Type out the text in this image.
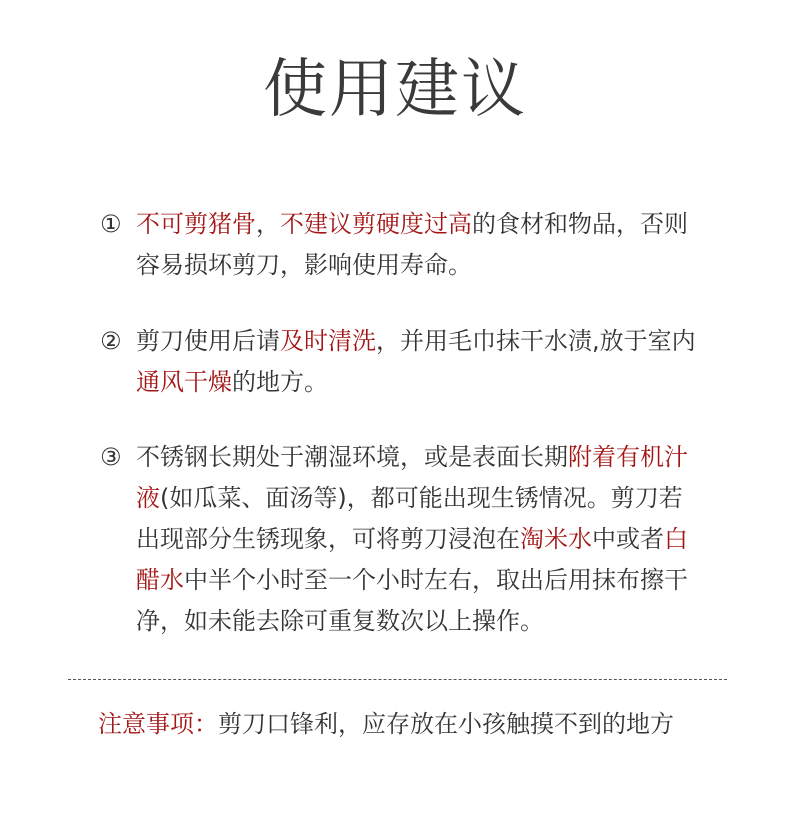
使用建议
① 不可剪猪骨，不建议剪硬度过高的食材和物品，否则容易损坏剪刀，影响使用寿命。
② 剪刀使用后请及时清洗，并用毛巾抹干水渍,放于室内通风干燥的地方。
③ 不锈钢长期处于潮湿环境，或是表面长期附着有机汁液(如瓜菜、面汤等)，都可能出现生锈情况。剪刀若出现部分生锈现象，可将剪刀浸泡在淘米水中或者白醋水中半个小时至一个小时左右，取出后用抹布擦干净，如未能去除可重复数次以上操作。
注意事项：剪刀口锋利，应存放在小孩触摸不到的地方
